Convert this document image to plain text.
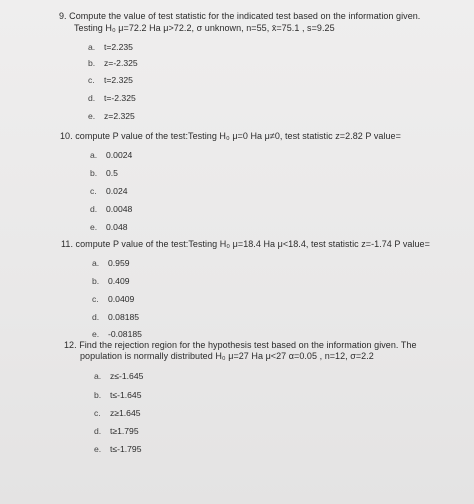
9. Compute the value of test statistic for the indicated test based on the information given.
Testing H₀ μ=72.2 Ha μ>72.2, σ unknown, n=55, x̄=75.1 , s=9.25
a. t=2.235
b. z=-2.325
c. t=2.325
d. t=-2.325
e. z=2.325
10. compute P value of the test:Testing H₀ μ=0 Ha μ≠0, test statistic z=2.82 P value=
a. 0.0024
b. 0.5
c. 0.024
d. 0.0048
e. 0.048
11. compute P value of the test:Testing H₀ μ=18.4 Ha μ<18.4, test statistic z=-1.74 P value=
a. 0.959
b. 0.409
c. 0.0409
d. 0.08185
e. -0.08185
12. Find the rejection region for the hypothesis test based on the information given. The
population is normally distributed H₀ μ=27 Ha μ<27 α=0.05 , n=12, σ=2.2
a. z≤-1.645
b. t≤-1.645
c. z≥1.645
d. t≥1.795
e. t≤-1.795
